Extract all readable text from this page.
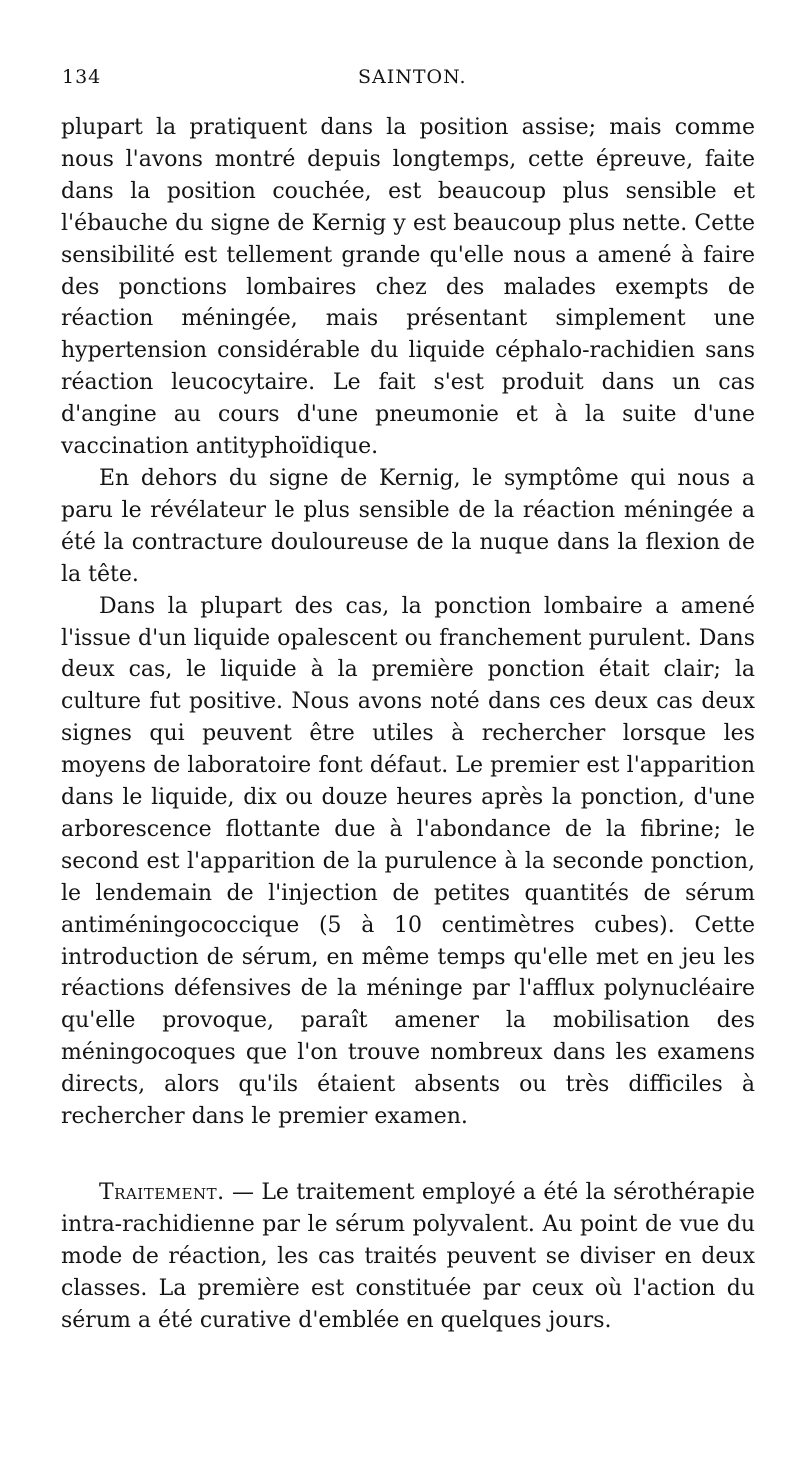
134	SAINTON.

plupart la pratiquent dans la position assise; mais comme nous l'avons montré depuis longtemps, cette épreuve, faite dans la position couchée, est beaucoup plus sensible et l'ébauche du signe de Kernig y est beaucoup plus nette. Cette sensibilité est tellement grande qu'elle nous a amené à faire des ponctions lombaires chez des malades exempts de réaction méningée, mais présentant simplement une hypertension considérable du liquide céphalo-rachidien sans réaction leucocytaire. Le fait s'est produit dans un cas d'angine au cours d'une pneumonie et à la suite d'une vaccination antityphoïdique.

En dehors du signe de Kernig, le symptôme qui nous a paru le révélateur le plus sensible de la réaction méningée a été la contracture douloureuse de la nuque dans la flexion de la tête.

Dans la plupart des cas, la ponction lombaire a amené l'issue d'un liquide opalescent ou franchement purulent. Dans deux cas, le liquide à la première ponction était clair; la culture fut positive. Nous avons noté dans ces deux cas deux signes qui peuvent être utiles à rechercher lorsque les moyens de laboratoire font défaut. Le premier est l'apparition dans le liquide, dix ou douze heures après la ponction, d'une arborescence flottante due à l'abondance de la fibrine; le second est l'apparition de la purulence à la seconde ponction, le lendemain de l'injection de petites quantités de sérum antiméningococcique (5 à 10 centimètres cubes). Cette introduction de sérum, en même temps qu'elle met en jeu les réactions défensives de la méninge par l'afflux polynucléaire qu'elle provoque, paraît amener la mobilisation des méningocoques que l'on trouve nombreux dans les examens directs, alors qu'ils étaient absents ou très difficiles à rechercher dans le premier examen.

Traitement. — Le traitement employé a été la sérothérapie intra-rachidienne par le sérum polyvalent. Au point de vue du mode de réaction, les cas traités peuvent se diviser en deux classes. La première est constituée par ceux où l'action du sérum a été curative d'emblée en quelques jours.
